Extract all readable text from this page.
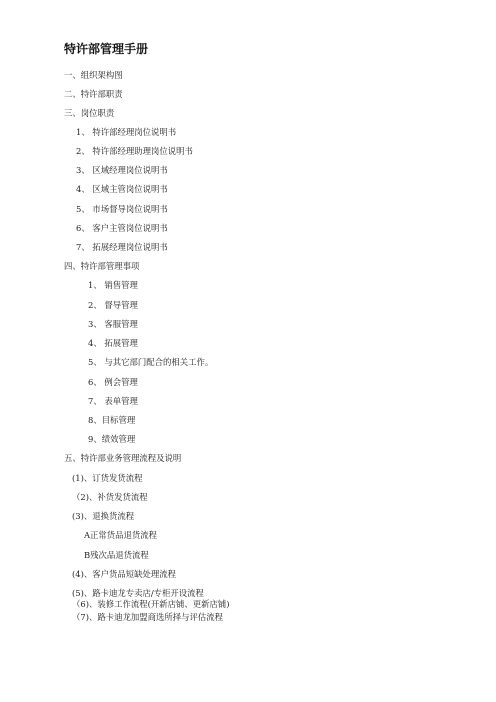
特许部管理手册
一、组织架构图
二、特许部职责
三、岗位职责
1、 特许部经理岗位说明书
2、 特许部经理助理岗位说明书
3、 区域经理岗位说明书
4、 区域主管岗位说明书
5、 市场督导岗位说明书
6、 客户主管岗位说明书
7、 拓展经理岗位说明书
四、特许部管理事项
1、 销售管理
2、 督导管理
3、 客服管理
4、 拓展管理
5、 与其它部门配合的相关工作。
6、 例会管理
7、 表单管理
8、目标管理
9、绩效管理
五、特许部业务管理流程及说明
(1)、订货发货流程
（2)、补货发货流程
(3)、退换货流程
A正常货品退货流程
B残次品退货流程
(4)、客户货品短缺处理流程
(5)、路卡迪龙专卖店/专柜开设流程
（6)、装修工作流程(开新店铺、更新店铺)
（7)、路卡迪龙加盟商选所择与评估流程
